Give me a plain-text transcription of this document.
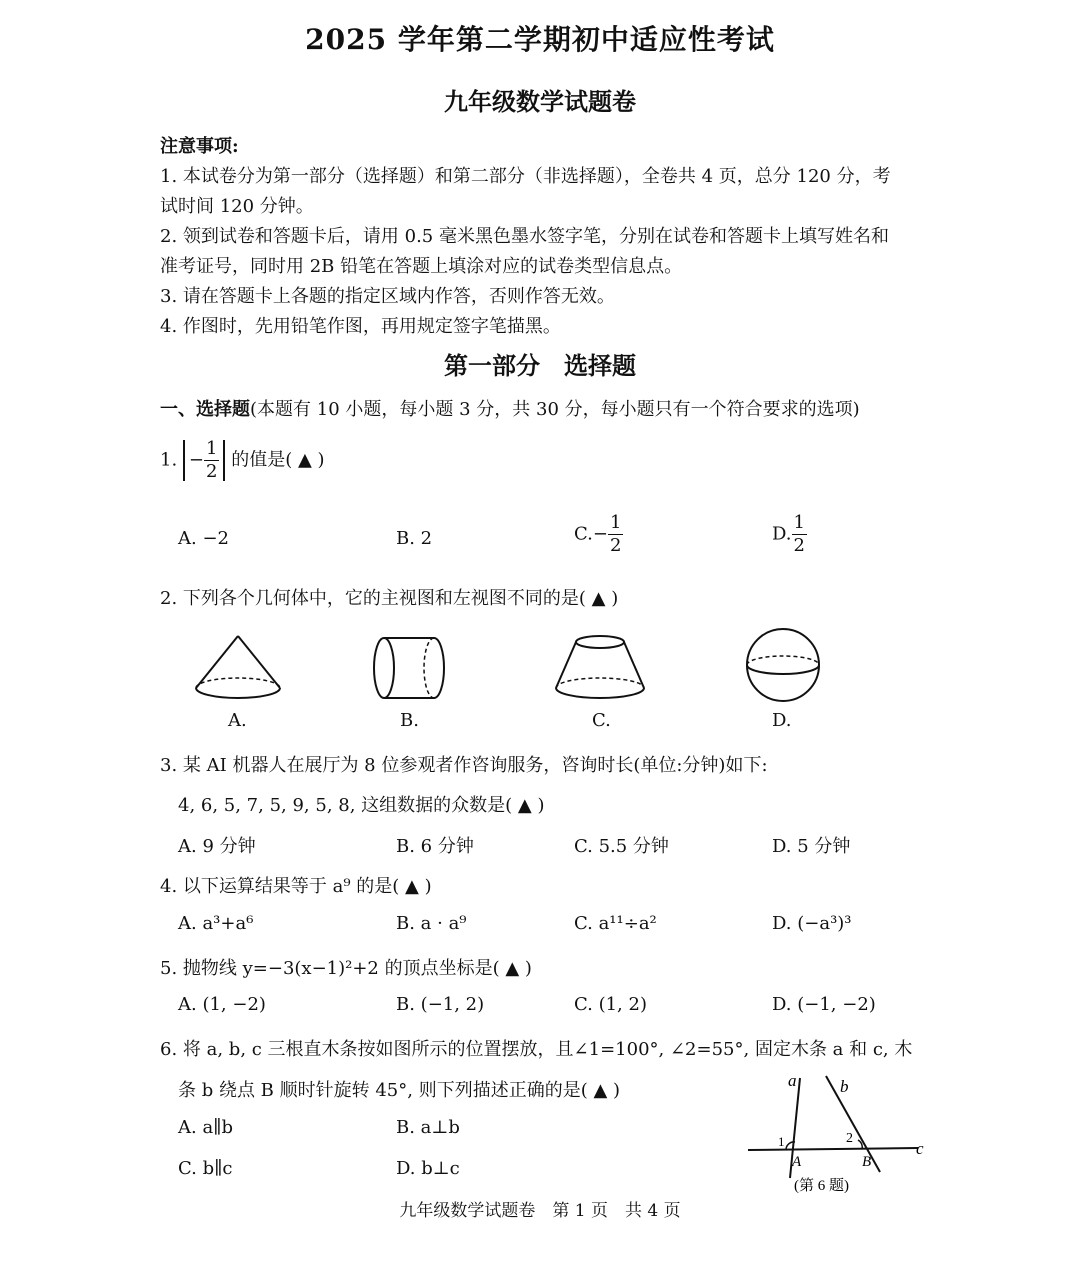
2025 学年第二学期初中适应性考试
九年级数学试题卷
注意事项:
1. 本试卷分为第一部分（选择题）和第二部分（非选择题），全卷共 4 页，总分 120 分，考
试时间 120 分钟。
2. 领到试卷和答题卡后，请用 0.5 毫米黑色墨水签字笔，分别在试卷和答题卡上填写姓名和
准考证号，同时用 2B 铅笔在答题上填涂对应的试卷类型信息点。
3. 请在答题卡上各题的指定区域内作答，否则作答无效。
4. 作图时，先用铅笔作图，再用规定签字笔描黑。
第一部分　选择题
一、选择题(本题有 10 小题，每小题 3 分，共 30 分，每小题只有一个符合要求的选项)
1. − $\frac{1}{2}$ 的值是( ▲ )
A. −2	B. 2	$C.- \frac{1}{2}$	D. $\frac{1}{2}$
2. 下列各个几何体中，它的主视图和左视图不同的是( ▲ )
A.	B.	C.	D.
3. 某 AI 机器人在展厅为 8 位参观者作咨询服务，咨询时长(单位:分钟)如下:
4, 6, 5, 7, 5, 9, 5, 8, 这组数据的众数是( ▲ )
A. 9 分钟	B. 6 分钟	C. 5.5 分钟	D. 5 分钟
4. 以下运算结果等于 a⁹ 的是( ▲ )
A. a³+a⁶	B. a · a⁹	C. a¹¹÷a²	D. (−a³)³
5. 抛物线 y=−3(x−1)²+2 的顶点坐标是( ▲ )
A. (1, −2)	B. (−1, 2)	C. (1, 2)	D. (−1, −2)
6. 将 a, b, c 三根直木条按如图所示的位置摆放，且∠1=100°, ∠2=55°, 固定木条 a 和 c, 木
条 b 绕点 B 顺时针旋转 45°, 则下列描述正确的是( ▲ )
A. a∥b	B. a⊥b
C. b∥c	D. b⊥c
a	b
c
A	B
1	2
(第 6 题)
九年级数学试题卷　第 1 页　共 4 页
